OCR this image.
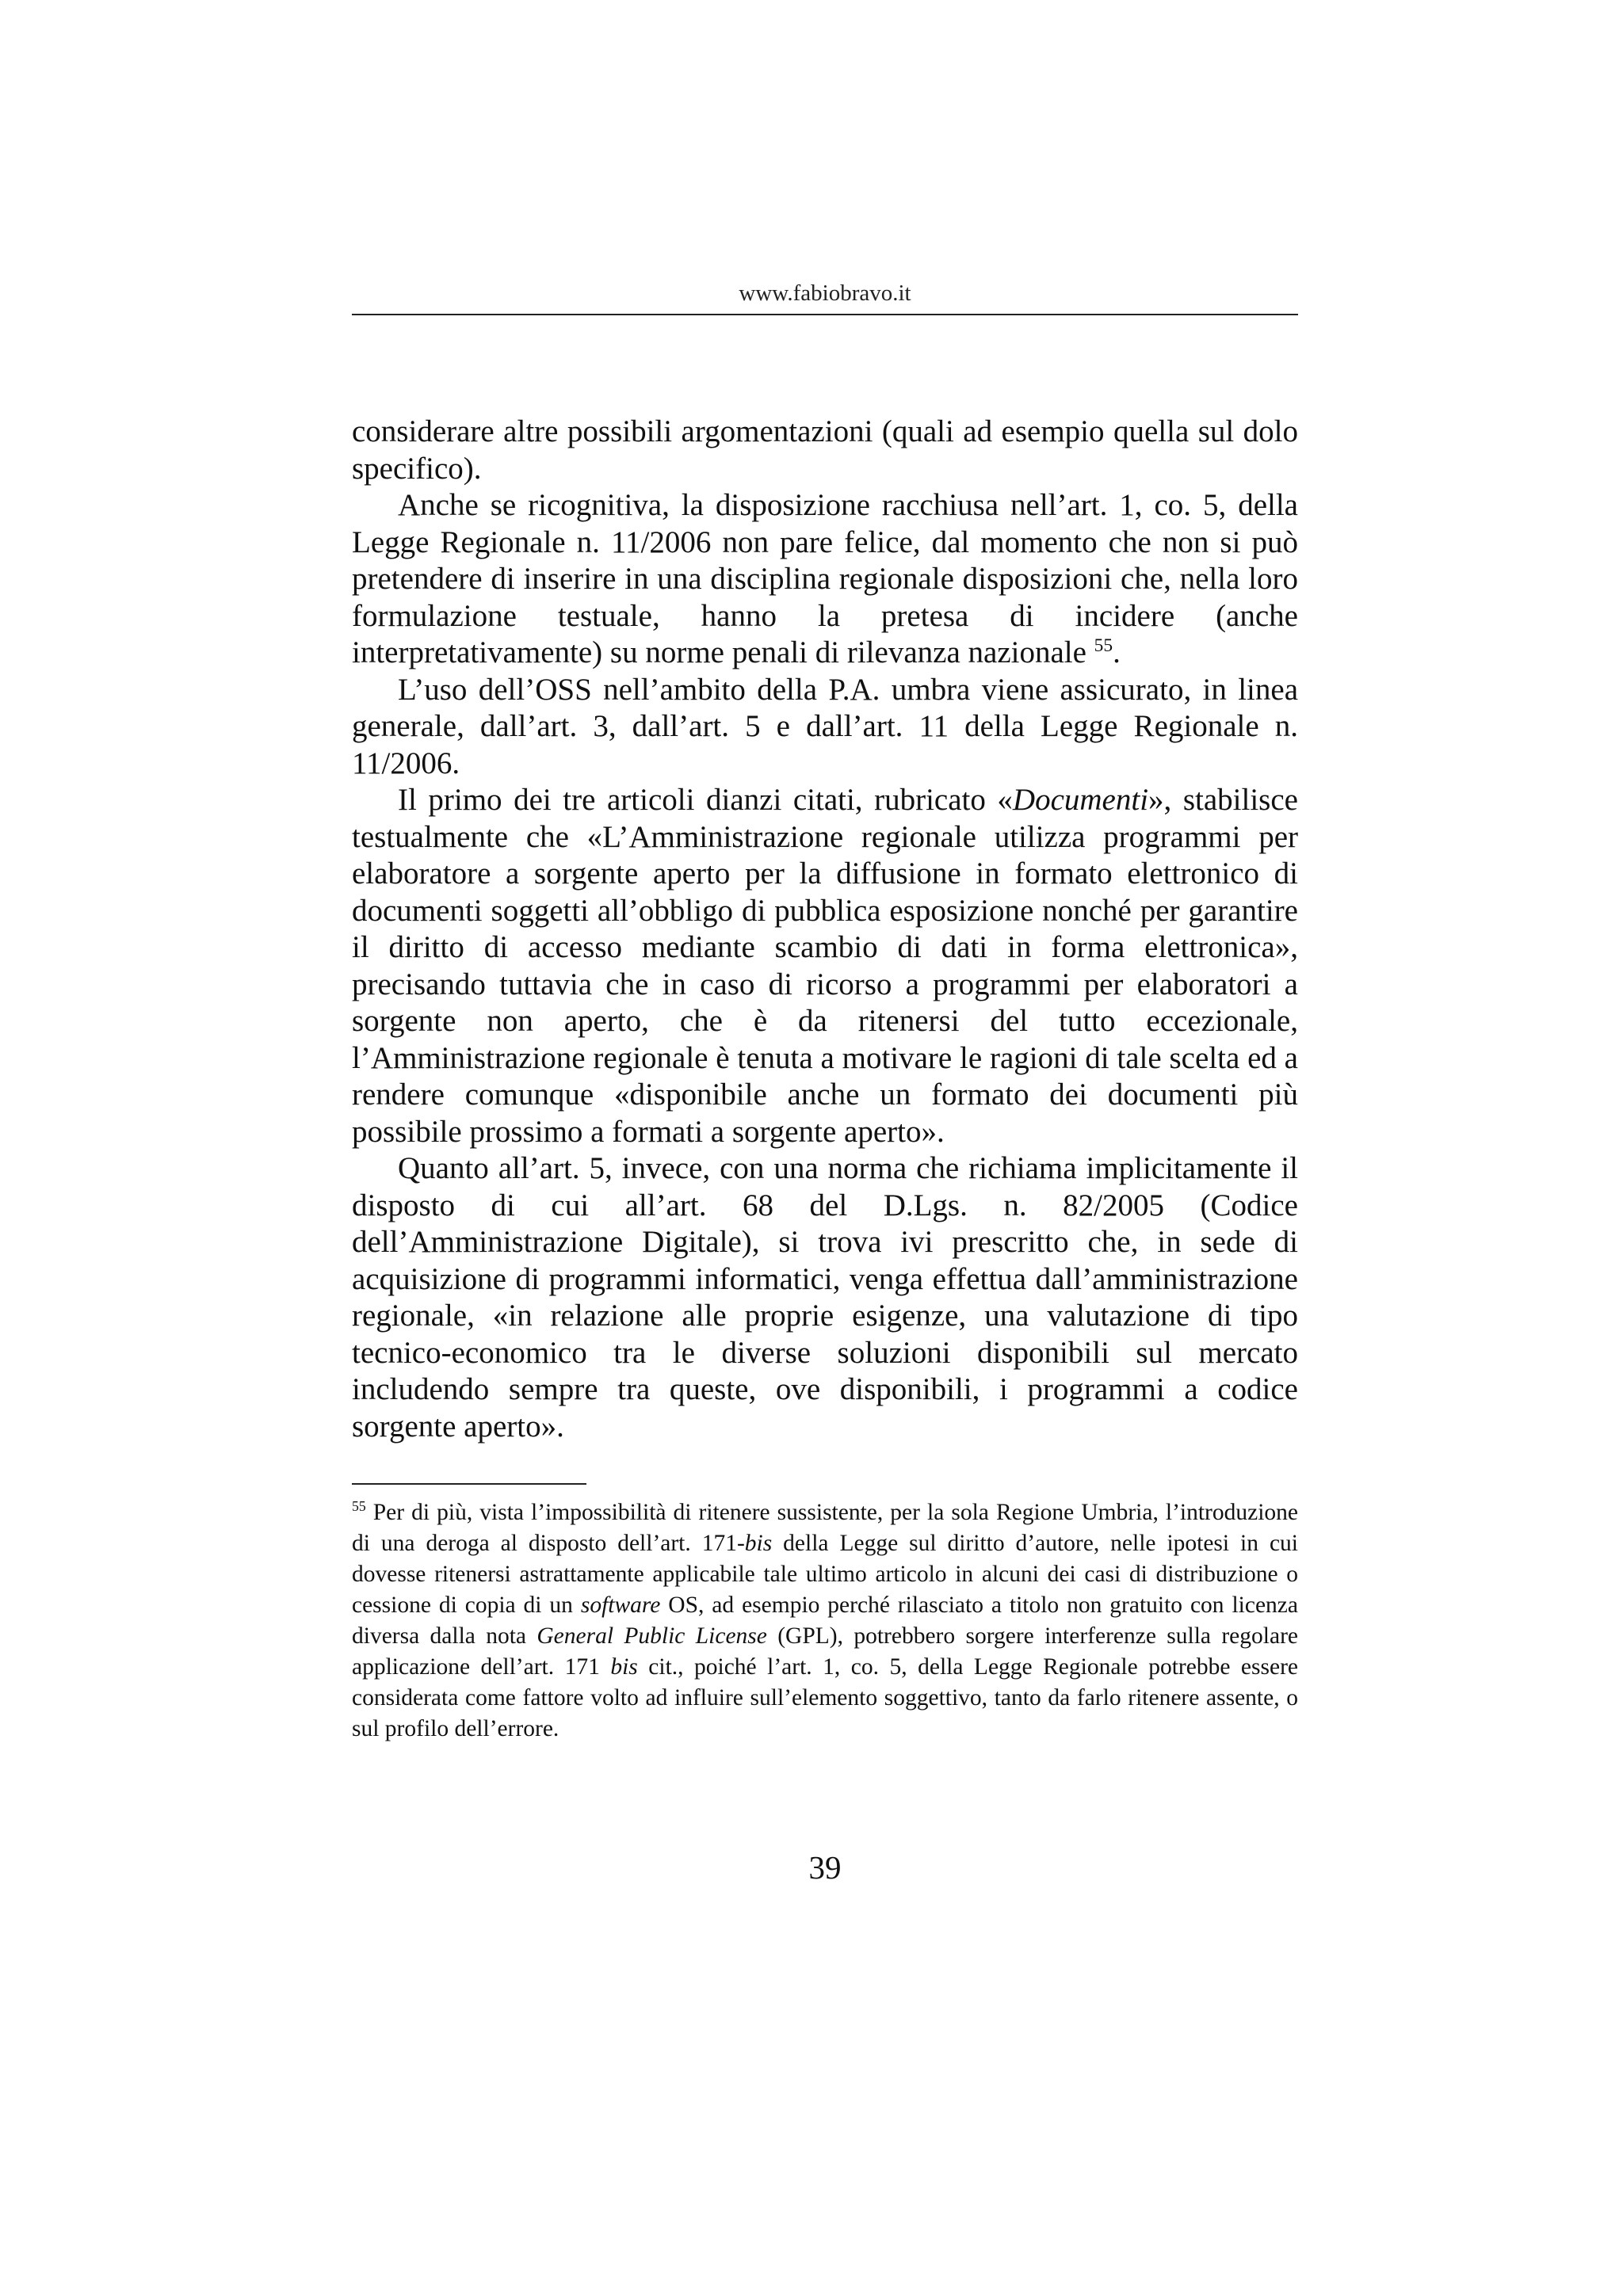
www.fabiobravo.it

considerare altre possibili argomentazioni (quali ad esempio quella sul dolo specifico).

Anche se ricognitiva, la disposizione racchiusa nell’art. 1, co. 5, della Legge Regionale n. 11/2006 non pare felice, dal momento che non si può pretendere di inserire in una disciplina regionale disposizioni che, nella loro formulazione testuale, hanno la pretesa di incidere (anche interpretativamente) su norme penali di rilevanza nazionale $^{55}$.

L’uso dell’OSS nell’ambito della P.A. umbra viene assicurato, in linea generale, dall’art. 3, dall’art. 5 e dall’art. 11 della Legge Regionale n. 11/2006.

Il primo dei tre articoli dianzi citati, rubricato «Documenti», stabilisce testualmente che «L’Amministrazione regionale utilizza programmi per elaboratore a sorgente aperto per la diffusione in formato elettronico di documenti soggetti all’obbligo di pubblica esposizione nonché per garantire il diritto di accesso mediante scambio di dati in forma elettronica», precisando tuttavia che in caso di ricorso a programmi per elaboratori a sorgente non aperto, che è da ritenersi del tutto eccezionale, l’Amministrazione regionale è tenuta a motivare le ragioni di tale scelta ed a rendere comunque «disponibile anche un formato dei documenti più possibile prossimo a formati a sorgente aperto».

Quanto all’art. 5, invece, con una norma che richiama implicitamente il disposto di cui all’art. 68 del D.Lgs. n. 82/2005 (Codice dell’Amministrazione Digitale), si trova ivi prescritto che, in sede di acquisizione di programmi informatici, venga effettua dall’amministrazione regionale, «in relazione alle proprie esigenze, una valutazione di tipo tecnico-economico tra le diverse soluzioni disponibili sul mercato includendo sempre tra queste, ove disponibili, i programmi a codice sorgente aperto».

$^{55}$ Per di più, vista l’impossibilità di ritenere sussistente, per la sola Regione Umbria, l’introduzione di una deroga al disposto dell’art. 171-bis della Legge sul diritto d’autore, nelle ipotesi in cui dovesse ritenersi astrattamente applicabile tale ultimo articolo in alcuni dei casi di distribuzione o cessione di copia di un software OS, ad esempio perché rilasciato a titolo non gratuito con licenza diversa dalla nota General Public License (GPL), potrebbero sorgere interferenze sulla regolare applicazione dell’art. 171 bis cit., poiché l’art. 1, co. 5, della Legge Regionale potrebbe essere considerata come fattore volto ad influire sull’elemento soggettivo, tanto da farlo ritenere assente, o sul profilo dell’errore.

39
